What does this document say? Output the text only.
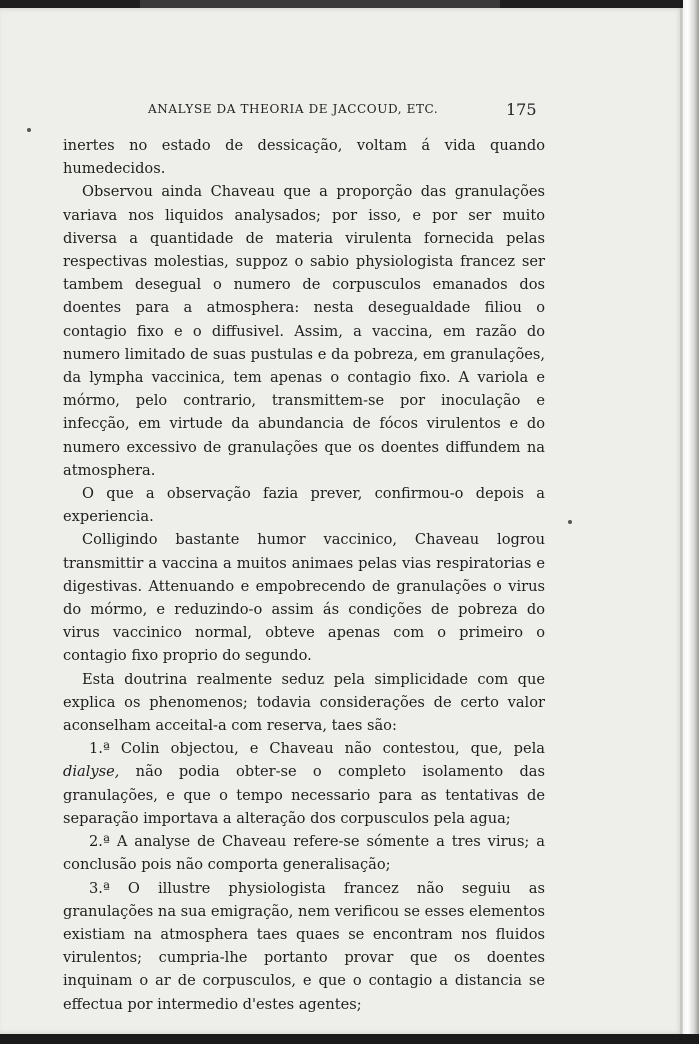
ANALYSE DA THEORIA DE JACCOUD, ETC.	175

inertes no estado de dessicação, voltam á vida quando humedecidos.

Observou ainda Chaveau que a proporção das granulações variava nos liquidos analysados; por isso, e por ser muito diversa a quantidade de materia virulenta fornecida pelas respectivas molestias, suppoz o sabio physiologista francez ser tambem desegual o numero de corpusculos emanados dos doentes para a atmosphera: nesta desegualdade filiou o contagio fixo e o diffusivel. Assim, a vaccina, em razão do numero limitado de suas pustulas e da pobreza, em granulações, da lympha vaccinica, tem apenas o contagio fixo. A variola e mórmo, pelo contrario, transmittem-se por inoculação e infecção, em virtude da abundancia de fócos virulentos e do numero excessivo de granulações que os doentes diffundem na atmosphera.

O que a observação fazia prever, confirmou-o depois a experiencia.

Colligindo bastante humor vaccinico, Chaveau logrou transmittir a vaccina a muitos animaes pelas vias respiratorias e digestivas. Attenuando e empobrecendo de granulações o virus do mórmo, e reduzindo-o assim ás condições de pobreza do virus vaccinico normal, obteve apenas com o primeiro o contagio fixo proprio do segundo.

Esta doutrina realmente seduz pela simplicidade com que explica os phenomenos; todavia considerações de certo valor aconselham acceital-a com reserva, taes são:

1.ª Colin objectou, e Chaveau não contestou, que, pela dialyse, não podia obter-se o completo isolamento das granulações, e que o tempo necessario para as tentativas de separação importava a alteração dos corpusculos pela agua;

2.ª A analyse de Chaveau refere-se sómente a tres virus; a conclusão pois não comporta generalisação;

3.ª O illustre physiologista francez não seguiu as granulações na sua emigração, nem verificou se esses elementos existiam na atmosphera taes quaes se encontram nos fluidos virulentos; cumpria-lhe portanto provar que os doentes inquinam o ar de corpusculos, e que o contagio a distancia se effectua por intermedio d'estes agentes;
